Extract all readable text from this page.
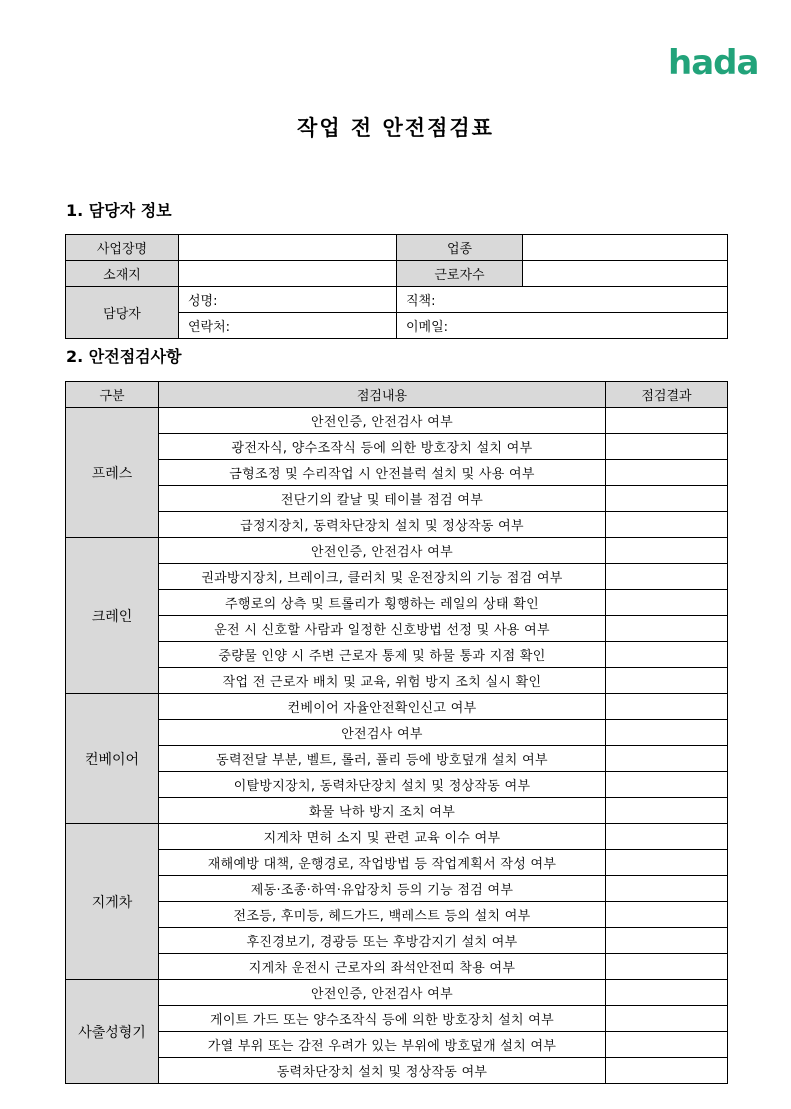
hada
작업 전 안전점검표
1. 담당자 정보
사업장명		업종	
소재지		근로자수	
담당자	성명:	직책:	
	연락처:	이메일:	
2. 안전점검사항
구분	점검내용	점검결과
프레스	안전인증, 안전검사 여부	
	광전자식, 양수조작식 등에 의한 방호장치 설치 여부	
	금형조정 및 수리작업 시 안전블럭 설치 및 사용 여부	
	전단기의 칼날 및 테이블 점검 여부	
	급정지장치, 동력차단장치 설치 및 정상작동 여부	
크레인	안전인증, 안전검사 여부	
	권과방지장치, 브레이크, 클러치 및 운전장치의 기능 점검 여부	
	주행로의 상측 및 트롤리가 횡행하는 레일의 상태 확인	
	운전 시 신호할 사람과 일정한 신호방법 선정 및 사용 여부	
	중량물 인양 시 주변 근로자 통제 및 하물 통과 지점 확인	
	작업 전 근로자 배치 및 교육, 위험 방지 조치 실시 확인	
컨베이어	컨베이어 자율안전확인신고 여부	
	안전검사 여부	
	동력전달 부분, 벨트, 롤러, 풀리 등에 방호덮개 설치 여부	
	이탈방지장치, 동력차단장치 설치 및 정상작동 여부	
	화물 낙하 방지 조치 여부	
지게차	지게차 면허 소지 및 관련 교육 이수 여부	
	재해예방 대책, 운행경로, 작업방법 등 작업계획서 작성 여부	
	제동·조종·하역·유압장치 등의 기능 점검 여부	
	전조등, 후미등, 헤드가드, 백레스트 등의 설치 여부	
	후진경보기, 경광등 또는 후방감지기 설치 여부	
	지게차 운전시 근로자의 좌석안전띠 착용 여부	
사출성형기	안전인증, 안전검사 여부	
	게이트 가드 또는 양수조작식 등에 의한 방호장치 설치 여부	
	가열 부위 또는 감전 우려가 있는 부위에 방호덮개 설치 여부	
	동력차단장치 설치 및 정상작동 여부	
